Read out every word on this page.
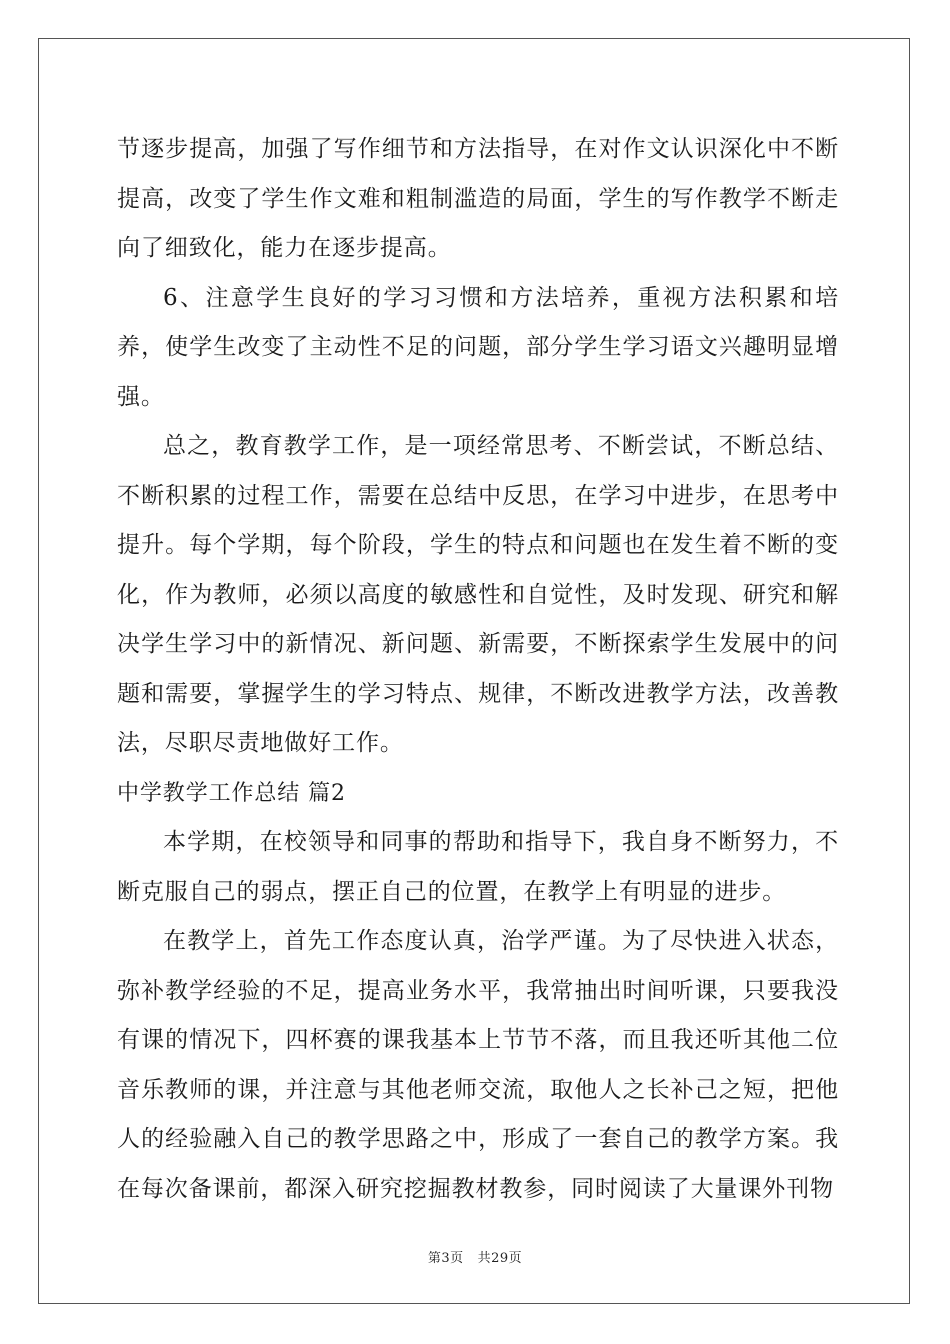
节逐步提高，加强了写作细节和方法指导，在对作文认识深化中不断提高，改变了学生作文难和粗制滥造的局面，学生的写作教学不断走向了细致化，能力在逐步提高。

6、注意学生良好的学习习惯和方法培养，重视方法积累和培养，使学生改变了主动性不足的问题，部分学生学习语文兴趣明显增强。

总之，教育教学工作，是一项经常思考、不断尝试，不断总结、不断积累的过程工作，需要在总结中反思，在学习中进步，在思考中提升。每个学期，每个阶段，学生的特点和问题也在发生着不断的变化，作为教师，必须以高度的敏感性和自觉性，及时发现、研究和解决学生学习中的新情况、新问题、新需要，不断探索学生发展中的问题和需要，掌握学生的学习特点、规律，不断改进教学方法，改善教法，尽职尽责地做好工作。

中学教学工作总结 篇2

本学期，在校领导和同事的帮助和指导下，我自身不断努力，不断克服自己的弱点，摆正自己的位置，在教学上有明显的进步。

在教学上，首先工作态度认真，治学严谨。为了尽快进入状态，弥补教学经验的不足，提高业务水平，我常抽出时间听课，只要我没有课的情况下，四杯赛的课我基本上节节不落，而且我还听其他二位音乐教师的课，并注意与其他老师交流，取他人之长补己之短，把他人的经验融入自己的教学思路之中，形成了一套自己的教学方案。我在每次备课前，都深入研究挖掘教材教参，同时阅读了大量课外刊物

第3页 共29页
